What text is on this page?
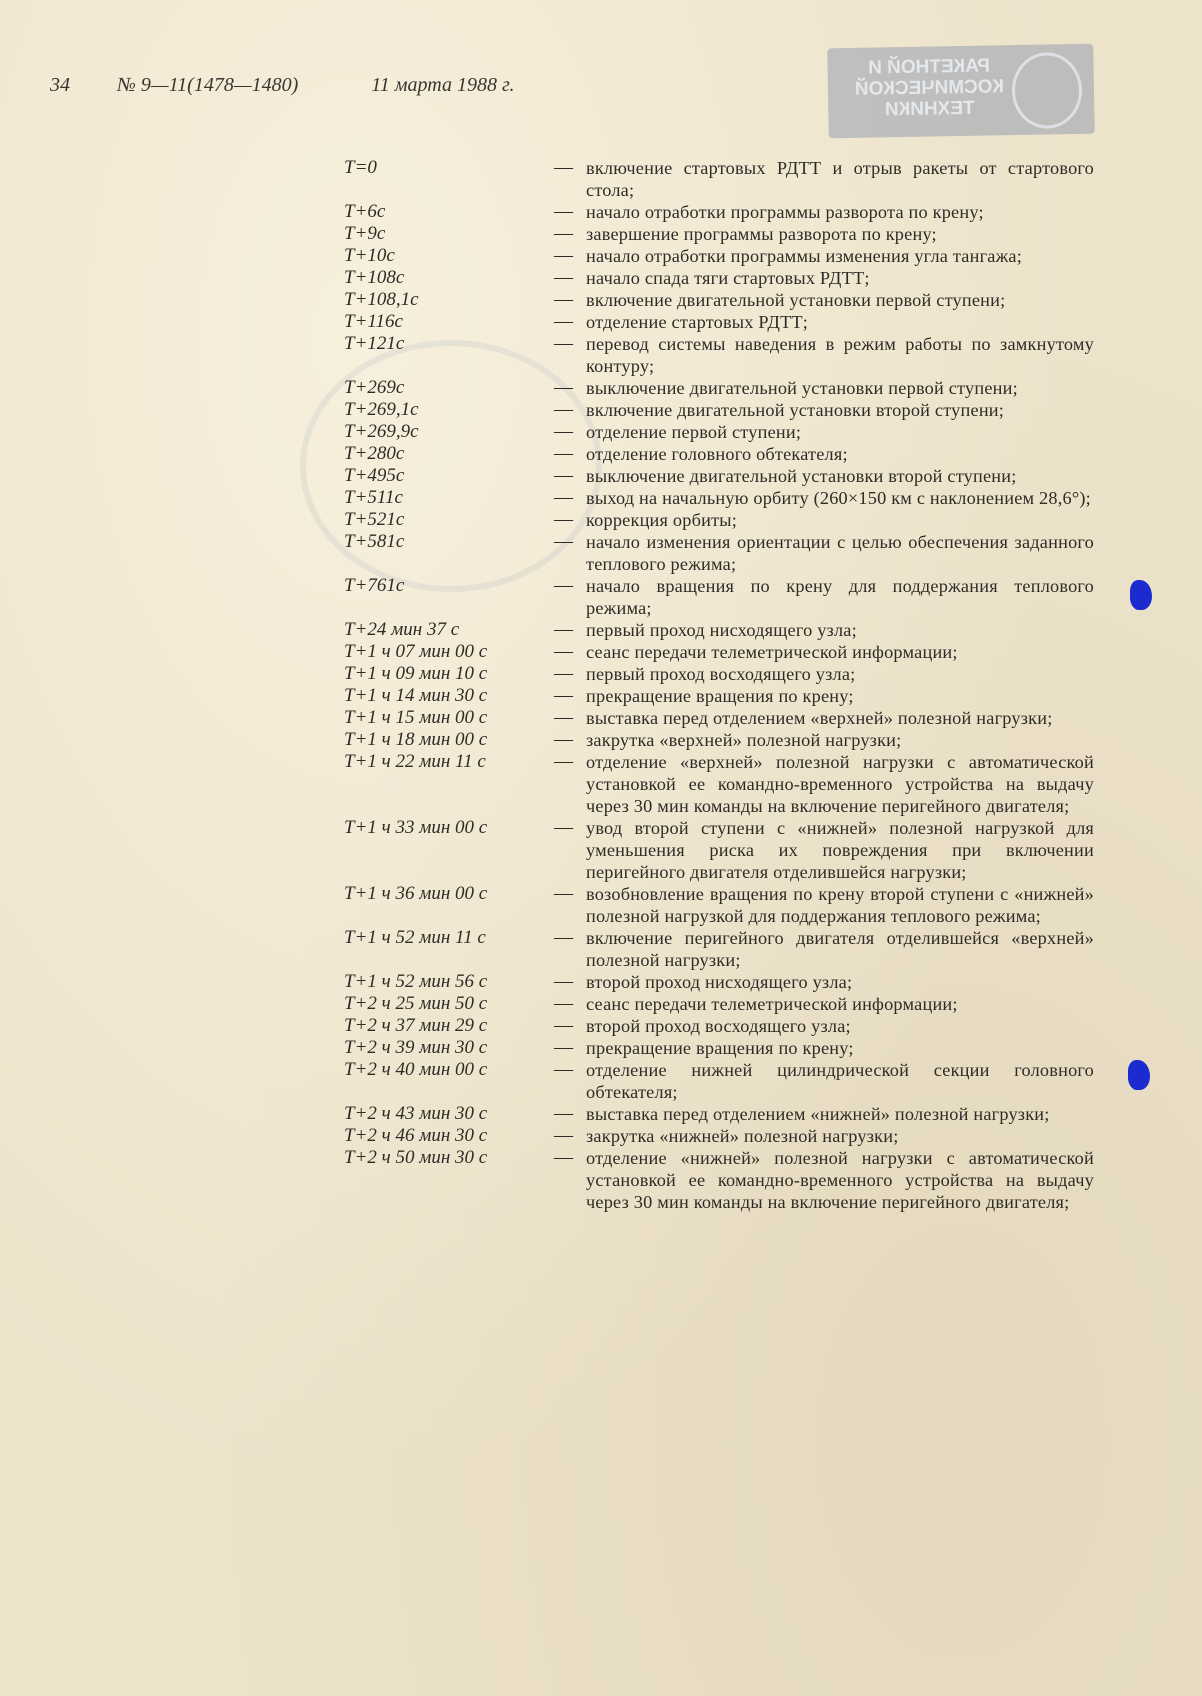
34 № 9—11(1478—1480)	11 марта 1988 г.
РАКЕТНОЙ И КОСМИЧЕСКОЙ ТЕХНИКИ
T=0	— включение стартовых РДТТ и отрыв ракеты от стартового стола;
T+6с	— начало отработки программы разворота по крену;
T+9с	— завершение программы разворота по крену;
T+10с	— начало отработки программы изменения угла тангажа;
T+108с	— начало спада тяги стартовых РДТТ;
T+108,1с	— включение двигательной установки первой ступени;
T+116с	— отделение стартовых РДТТ;
T+121с	— перевод системы наведения в режим работы по замкнутому контуру;
T+269с	— выключение двигательной установки первой ступени;
T+269,1с	— включение двигательной установки второй ступени;
T+269,9с	— отделение первой ступени;
T+280с	— отделение головного обтекателя;
T+495с	— выключение двигательной установки второй ступени;
T+511с	— выход на начальную орбиту (260×150 км с наклонением 28,6°);
T+521с	— коррекция орбиты;
T+581с	— начало изменения ориентации с целью обеспечения заданного теплового режима;
T+761с	— начало вращения по крену для поддержания теплового режима;
T+24 мин 37 с	— первый проход нисходящего узла;
T+1 ч 07 мин 00 с	— сеанс передачи телеметрической информации;
T+1 ч 09 мин 10 с	— первый проход восходящего узла;
T+1 ч 14 мин 30 с	— прекращение вращения по крену;
T+1 ч 15 мин 00 с	— выставка перед отделением «верхней» полезной нагрузки;
T+1 ч 18 мин 00 с	— закрутка «верхней» полезной нагрузки;
T+1 ч 22 мин 11 с	— отделение «верхней» полезной нагрузки с автоматической установкой ее командно-временного устройства на выдачу через 30 мин команды на включение перигейного двигателя;
T+1 ч 33 мин 00 с	— увод второй ступени с «нижней» полезной нагрузкой для уменьшения риска их повреждения при включении перигейного двигателя отделившейся нагрузки;
T+1 ч 36 мин 00 с	— возобновление вращения по крену второй ступени с «нижней» полезной нагрузкой для поддержания теплового режима;
T+1 ч 52 мин 11 с	— включение перигейного двигателя отделившейся «верхней» полезной нагрузки;
T+1 ч 52 мин 56 с	— второй проход нисходящего узла;
T+2 ч 25 мин 50 с	— сеанс передачи телеметрической информации;
T+2 ч 37 мин 29 с	— второй проход восходящего узла;
T+2 ч 39 мин 30 с	— прекращение вращения по крену;
T+2 ч 40 мин 00 с	— отделение нижней цилиндрической секции головного обтекателя;
T+2 ч 43 мин 30 с	— выставка перед отделением «нижней» полезной нагрузки;
T+2 ч 46 мин 30 с	— закрутка «нижней» полезной нагрузки;
T+2 ч 50 мин 30 с	— отделение «нижней» полезной нагрузки с автоматической установкой ее командно-временного устройства на выдачу через 30 мин команды на включение перигейного двигателя;
